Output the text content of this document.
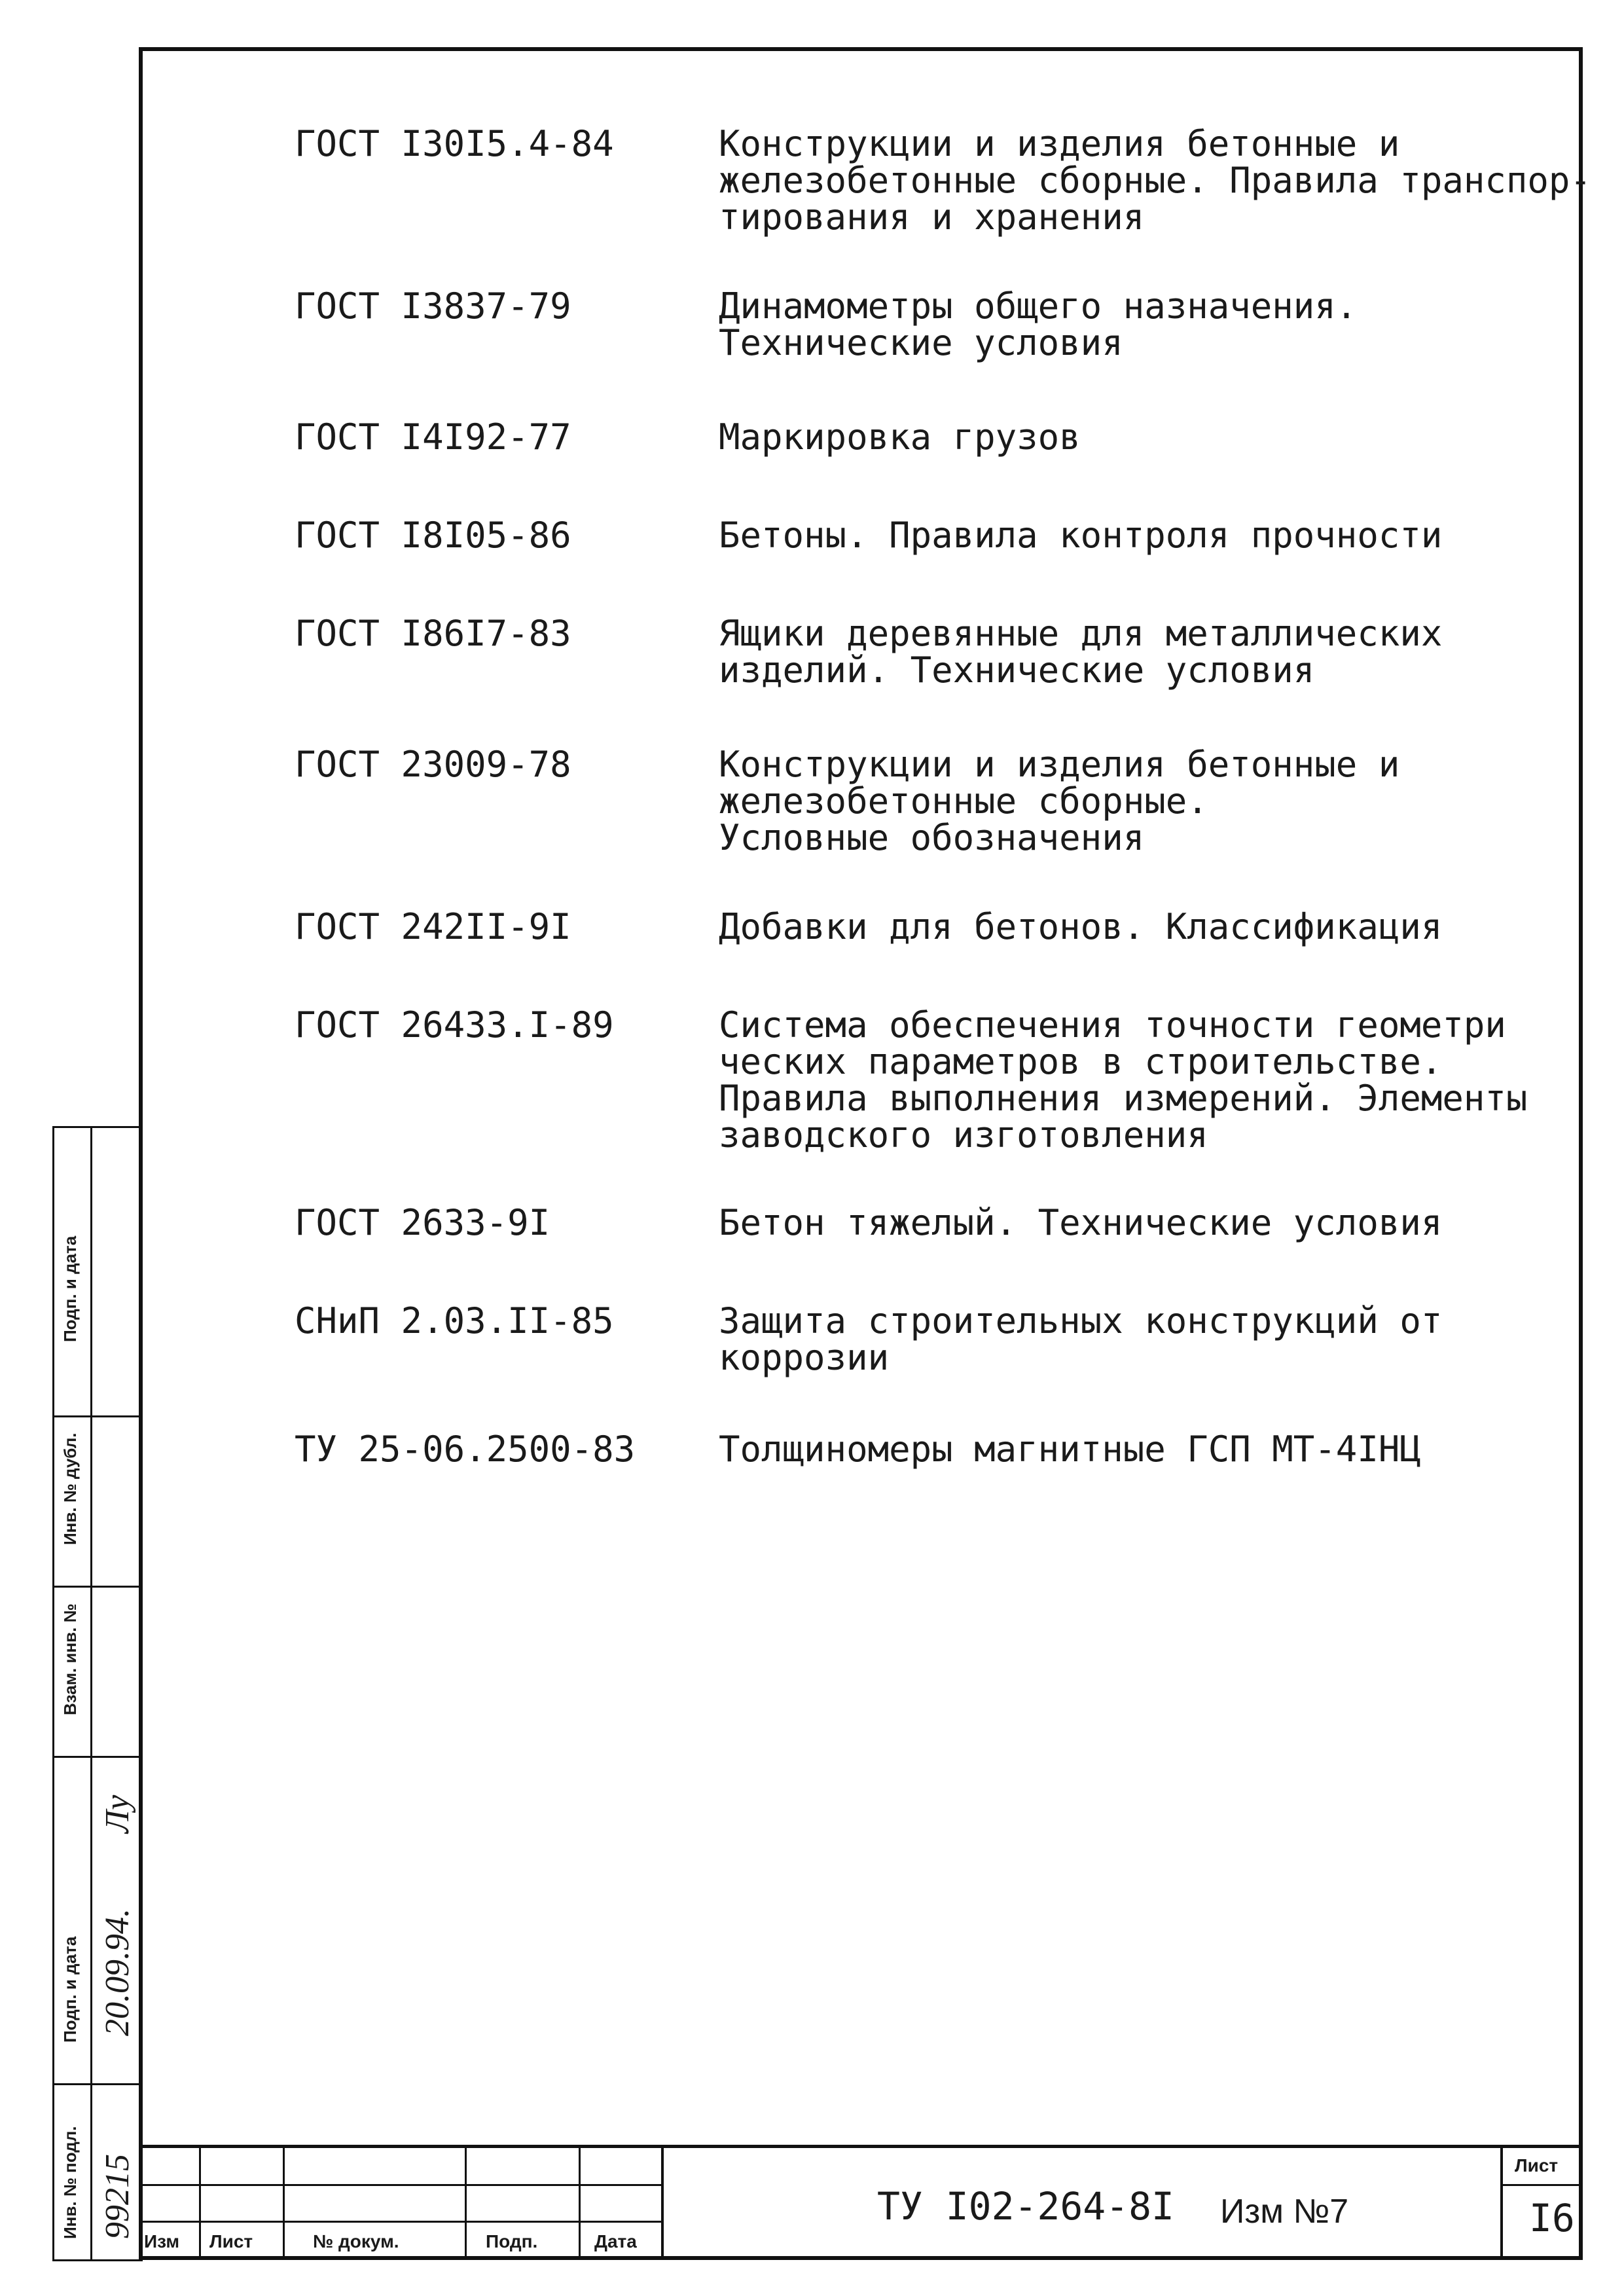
ГОСТ I30I5.4-84	Конструкции и изделия бетонные и
железобетонные сборные. Правила транспор-
тирования и хранения
ГОСТ I3837-79	Динамометры общего назначения.
Технические условия
ГОСТ I4I92-77	Маркировка грузов
ГОСТ I8I05-86	Бетоны. Правила контроля прочности
ГОСТ I86I7-83	Ящики деревянные для металлических
изделий. Технические условия
ГОСТ 23009-78	Конструкции и изделия бетонные и
железобетонные сборные.
Условные обозначения
ГОСТ 242II-9I	Добавки для бетонов. Классификация
ГОСТ 26433.I-89	Система обеспечения точности геометри
ческих параметров в строительстве.
Правила выполнения измерений. Элементы
заводского изготовления
ГОСТ 2633-9I	Бетон тяжелый. Технические условия
СНиП 2.03.II-85	Защита строительных конструкций от
коррозии
ТУ 25-06.2500-83 Толщиномеры магнитные ГСП МТ-4IНЦ
Подп. и дата
Инв. № дубл.
Взам. инв. №
Подп. и дата
Инв. № подл.
20.09.94.
Лу
99215
Изм Лист	№ докум.	Подп.	Дата
ТУ I02-264-8I Изм №7
Лист
I6
